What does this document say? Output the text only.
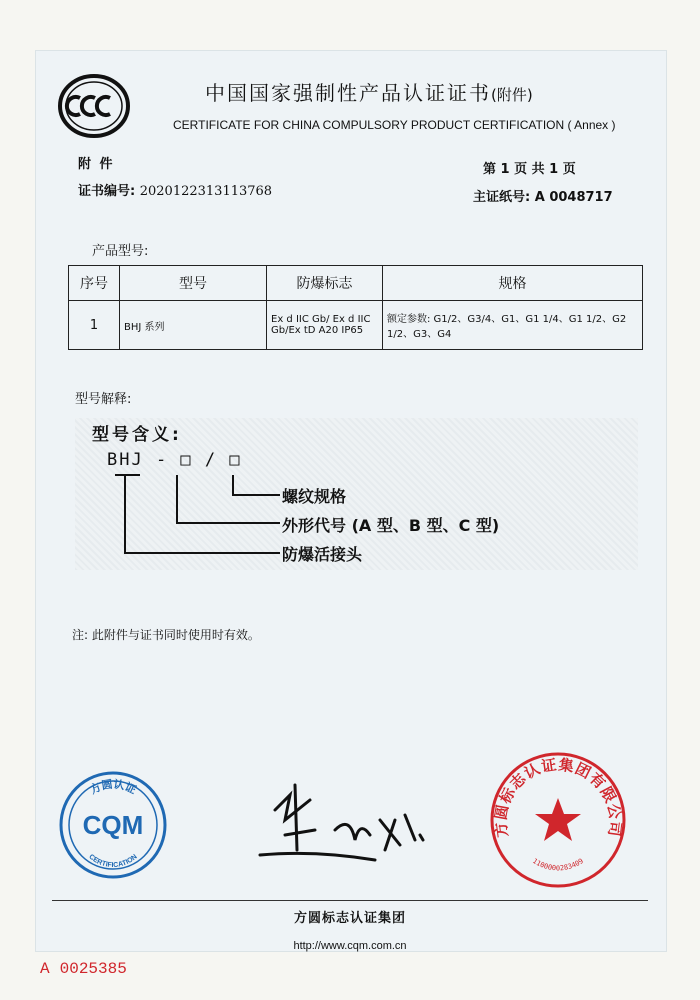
中国国家强制性产品认证证书(附件)
CERTIFICATE FOR CHINA COMPULSORY PRODUCT CERTIFICATION ( Annex )
附 件
证书编号: 2020122313113768
第 1 页 共 1 页
主证纸号: A 0048717
产品型号:
序号	型号	防爆标志	规格
1	BHJ 系列	Ex d IIC Gb/ Ex d IIC Gb/Ex tD A20 IP65	额定参数: G1/2、G3/4、G1、G1 1/4、G1 1/2、G2 1/2、G3、G4
型号解释:
型号含义:
BHJ - □ / □
螺纹规格
外形代号 (A 型、B 型、C 型)
防爆活接头
注: 此附件与证书同时使用时有效。
方圆认证
CQM
CERTIFICATION
方圆标志认证集团有限公司
1100000283409
方圆标志认证集团
http://www.cqm.com.cn
A 0025385
